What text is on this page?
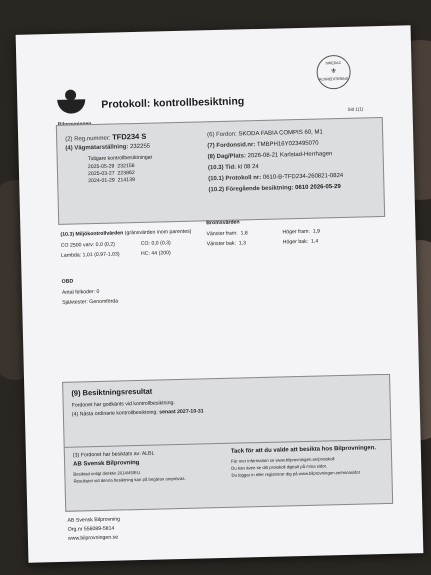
Protokoll: kontrollbesiktning	Sid 1(1)
SWEDAC
⚜
ACKREDITERING
(2) Reg.nummer: TFD234 S
(4) Vägmätarställning: 232255
Tidigare kontrollbesiktningar
2025-05-29 232158
2025-03-27 223862
2024-01-29 214139
(6) Fordon: SKODA FABIA COMPIS 60, M1
(7) Fordonsid.nr: TMBPH16Y023495070
(8) Dag/Plats: 2026-08-21 Karlstad-Herrhagen
(10.3) Tid: kl 08 24
(10.1) Protokoll nr: 0610-B-TFD234-260821-0824
(10.2) Föregående besiktning: 0610 2026-05-29
(10.3) Miljökontrollvärden (gränsvärden inom parentes)
CO 2500 varv: 0,0 (0,2)	CO: 0,0 (0,3)
Lambda: 1,01 (0,97-1,03)	HC: 44 (200)
Bromsvärden
Vänster fram: 1,8	Höger fram: 1,9
Vänster bak: 1,3	Höger bak: 1,4
OBD
Antal felkoder: 0
Självtester: Genomförda
(9) Besiktningsresultat
Fordonet har godkänts vid kontrollbesiktning.
(4) Nästa ordinarie kontrollbesiktning: senast 2027-10-31
(3) Fordonet har besiktats av: ALBL
AB Svensk Bilprovning
Besiktad enligt direktiv 2014/45/EU.
Resultatet vid denna besiktning kan på begäran omprövas.
Tack för att du valde att besikta hos Bilprovningen.
För mer information se www.bilprovningen.se/protokoll
Du kan även se ditt protokoll digitalt på mina sidor.
Du loggar in eller registrerar dig på www.bilprovningen.se/minasidor
AB Svensk Bilprovning
Org.nr 556089-5814
www.bilprovningen.se
